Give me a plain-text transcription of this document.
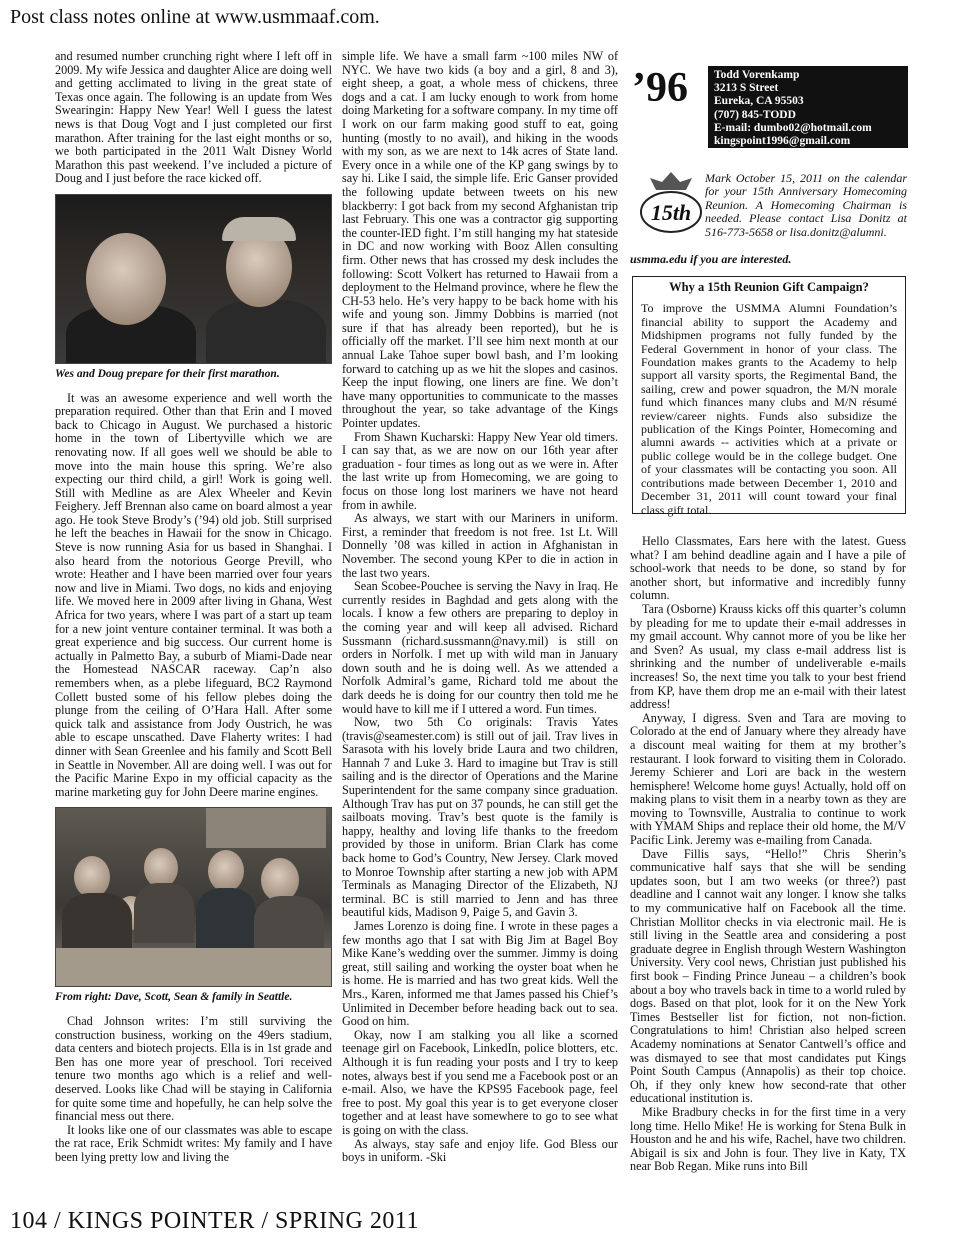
Post class notes online at www.usmmaaf.com.

and resumed number crunching right where I left off in 2009. My wife Jessica and daughter Alice are doing well and getting acclimated to living in the great state of Texas once again. The following is an update from Wes Swearingin: Happy New Year! Well I guess the latest news is that Doug Vogt and I just completed our first marathon. After training for the last eight months or so, we both participated in the 2011 Walt Disney World Marathon this past weekend. I’ve included a picture of Doug and I just before the race kicked off.

Wes and Doug prepare for their first marathon.

It was an awesome experience and well worth the preparation required. Other than that Erin and I moved back to Chicago in August. We purchased a historic home in the town of Libertyville which we are renovating now. If all goes well we should be able to move into the main house this spring. We’re also expecting our third child, a girl! Work is going well. Still with Medline as are Alex Wheeler and Kevin Feighery. Jeff Brennan also came on board almost a year ago. He took Steve Brody’s (’94) old job. Still surprised he left the beaches in Hawaii for the snow in Chicago. Steve is now running Asia for us based in Shanghai. I also heard from the notorious George Previll, who wrote: Heather and I have been married over four years now and live in Miami. Two dogs, no kids and enjoying life. We moved here in 2009 after living in Ghana, West Africa for two years, where I was part of a start up team for a new joint venture container terminal. It was both a great experience and big success. Our current home is actually in Palmetto Bay, a suburb of Miami-Dade near the Homestead NASCAR raceway. Cap’n also remembers when, as a plebe lifeguard, BC2 Raymond Collett busted some of his fellow plebes doing the plunge from the ceiling of O’Hara Hall. After some quick talk and assistance from Jody Oustrich, he was able to escape unscathed. Dave Flaherty writes: I had dinner with Sean Greenlee and his family and Scott Bell in Seattle in November. All are doing well. I was out for the Pacific Marine Expo in my official capacity as the marine marketing guy for John Deere marine engines.

From right: Dave, Scott, Sean & family in Seattle.

Chad Johnson writes: I’m still surviving the construction business, working on the 49ers stadium, data centers and biotech projects. Ella is in 1st grade and Ben has one more year of preschool. Tori received tenure two months ago which is a relief and well-deserved. Looks like Chad will be staying in California for quite some time and hopefully, he can help solve the financial mess out there.

It looks like one of our classmates was able to escape the rat race, Erik Schmidt writes: My family and I have been lying pretty low and living the

simple life. We have a small farm ~100 miles NW of NYC. We have two kids (a boy and a girl, 8 and 3), eight sheep, a goat, a whole mess of chickens, three dogs and a cat. I am lucky enough to work from home doing Marketing for a software company. In my time off I work on our farm making good stuff to eat, going hunting (mostly to no avail), and hiking in the woods with my son, as we are next to 14k acres of State land. Every once in a while one of the KP gang swings by to say hi. Like I said, the simple life. Eric Ganser provided the following update between tweets on his new blackberry: I got back from my second Afghanistan trip last February. This one was a contractor gig supporting the counter-IED fight. I’m still hanging my hat stateside in DC and now working with Booz Allen consulting firm. Other news that has crossed my desk includes the following: Scott Volkert has returned to Hawaii from a deployment to the Helmand province, where he flew the CH-53 helo. He’s very happy to be back home with his wife and young son. Jimmy Dobbins is married (not sure if that has already been reported), but he is officially off the market. I’ll see him next month at our annual Lake Tahoe super bowl bash, and I’m looking forward to catching up as we hit the slopes and casinos. Keep the input flowing, one liners are fine. We don’t have many opportunities to communicate to the masses throughout the year, so take advantage of the Kings Pointer updates.

From Shawn Kucharski: Happy New Year old timers. I can say that, as we are now on our 16th year after graduation - four times as long out as we were in. After the last write up from Homecoming, we are going to focus on those long lost mariners we have not heard from in awhile.

As always, we start with our Mariners in uniform. First, a reminder that freedom is not free. 1st Lt. Will Donnelly ’08 was killed in action in Afghanistan in November. The second young KPer to die in action in the last two years.

Sean Scobee-Pouchee is serving the Navy in Iraq. He currently resides in Baghdad and gets along with the locals. I know a few others are preparing to deploy in the coming year and will keep all advised. Richard Sussmann (richard.sussmann@navy.mil) is still on orders in Norfolk. I met up with wild man in January down south and he is doing well. As we attended a Norfolk Admiral’s game, Richard told me about the dark deeds he is doing for our country then told me he would have to kill me if I uttered a word. Fun times.

Now, two 5th Co originals: Travis Yates (travis@seamester.com) is still out of jail. Trav lives in Sarasota with his lovely bride Laura and two children, Hannah 7 and Luke 3. Hard to imagine but Trav is still sailing and is the director of Operations and the Marine Superintendent for the same company since graduation. Although Trav has put on 37 pounds, he can still get the sailboats moving. Trav’s best quote is the family is happy, healthy and loving life thanks to the freedom provided by those in uniform. Brian Clark has come back home to God’s Country, New Jersey. Clark moved to Monroe Township after starting a new job with APM Terminals as Managing Director of the Elizabeth, NJ terminal. BC is still married to Jenn and has three beautiful kids, Madison 9, Paige 5, and Gavin 3.

James Lorenzo is doing fine. I wrote in these pages a few months ago that I sat with Big Jim at Bagel Boy Mike Kane’s wedding over the summer. Jimmy is doing great, still sailing and working the oyster boat when he is home. He is married and has two great kids. Well the Mrs., Karen, informed me that James passed his Chief’s Unlimited in December before heading back out to sea. Good on him.

Okay, now I am stalking you all like a scorned teenage girl on Facebook, LinkedIn, police blotters, etc. Although it is fun reading your posts and I try to keep notes, always best if you send me a Facebook post or an e-mail. Also, we have the KPS95 Facebook page, feel free to post. My goal this year is to get everyone closer together and at least have somewhere to go to see what is going on with the class.

As always, stay safe and enjoy life. God Bless our boys in uniform. -Ski

’96 Todd Vorenkamp
3213 S Street
Eureka, CA 95503
(707) 845-TODD
E-mail: dumbo02@hotmail.com
kingspoint1996@gmail.com
15th
Mark October 15, 2011 on the calendar for your 15th Anniversary Homecoming Reunion. A Homecoming Chairman is needed. Please contact Lisa Donitz at 516-773-5658 or lisa.donitz@alumni.
usmma.edu if you are interested.
Why a 15th Reunion Gift Campaign?
To improve the USMMA Alumni Foundation’s financial ability to support the Academy and Midshipmen programs not fully funded by the Federal Government in honor of your class. The Foundation makes grants to the Academy to help support all varsity sports, the Regimental Band, the sailing, crew and power squadron, the M/N morale fund which finances many clubs and M/N résumé review/career nights. Funds also subsidize the publication of the Kings Pointer, Homecoming and alumni awards -- activities which at a private or public college would be in the college budget. One of your classmates will be contacting you soon. All contributions made between December 1, 2010 and December 31, 2011 will count toward your final class gift total.

Hello Classmates, Ears here with the latest. Guess what? I am behind deadline again and I have a pile of school-work that needs to be done, so stand by for another short, but informative and incredibly funny column.

Tara (Osborne) Krauss kicks off this quarter’s column by pleading for me to update their e-mail addresses in my gmail account. Why cannot more of you be like her and Sven? As usual, my class e-mail address list is shrinking and the number of undeliverable e-mails increases! So, the next time you talk to your best friend from KP, have them drop me an e-mail with their latest address!

Anyway, I digress. Sven and Tara are moving to Colorado at the end of January where they already have a discount meal waiting for them at my brother’s restaurant. I look forward to visiting them in Colorado. Jeremy Schierer and Lori are back in the western hemisphere! Welcome home guys! Actually, hold off on making plans to visit them in a nearby town as they are moving to Townsville, Australia to continue to work with YMAM Ships and replace their old home, the M/V Pacific Link. Jeremy was e-mailing from Canada.

Dave Fillis says, “Hello!” Chris Sherin’s communicative half says that she will be sending updates soon, but I am two weeks (or three?) past deadline and I cannot wait any longer. I know she talks to my communicative half on Facebook all the time. Christian Mollitor checks in via electronic mail. He is still living in the Seattle area and considering a post graduate degree in English through Western Washington University. Very cool news, Christian just published his first book – Finding Prince Juneau – a children’s book about a boy who travels back in time to a world ruled by dogs. Based on that plot, look for it on the New York Times Bestseller list for fiction, not non-fiction. Congratulations to him! Christian also helped screen Academy nominations at Senator Cantwell’s office and was dismayed to see that most candidates put Kings Point South Campus (Annapolis) as their top choice. Oh, if they only knew how second-rate that other educational institution is.

Mike Bradbury checks in for the first time in a very long time. Hello Mike! He is working for Stena Bulk in Houston and he and his wife, Rachel, have two children. Abigail is six and John is four. They live in Katy, TX near Bob Regan. Mike runs into Bill

104 / KINGS POINTER / SPRING 2011
